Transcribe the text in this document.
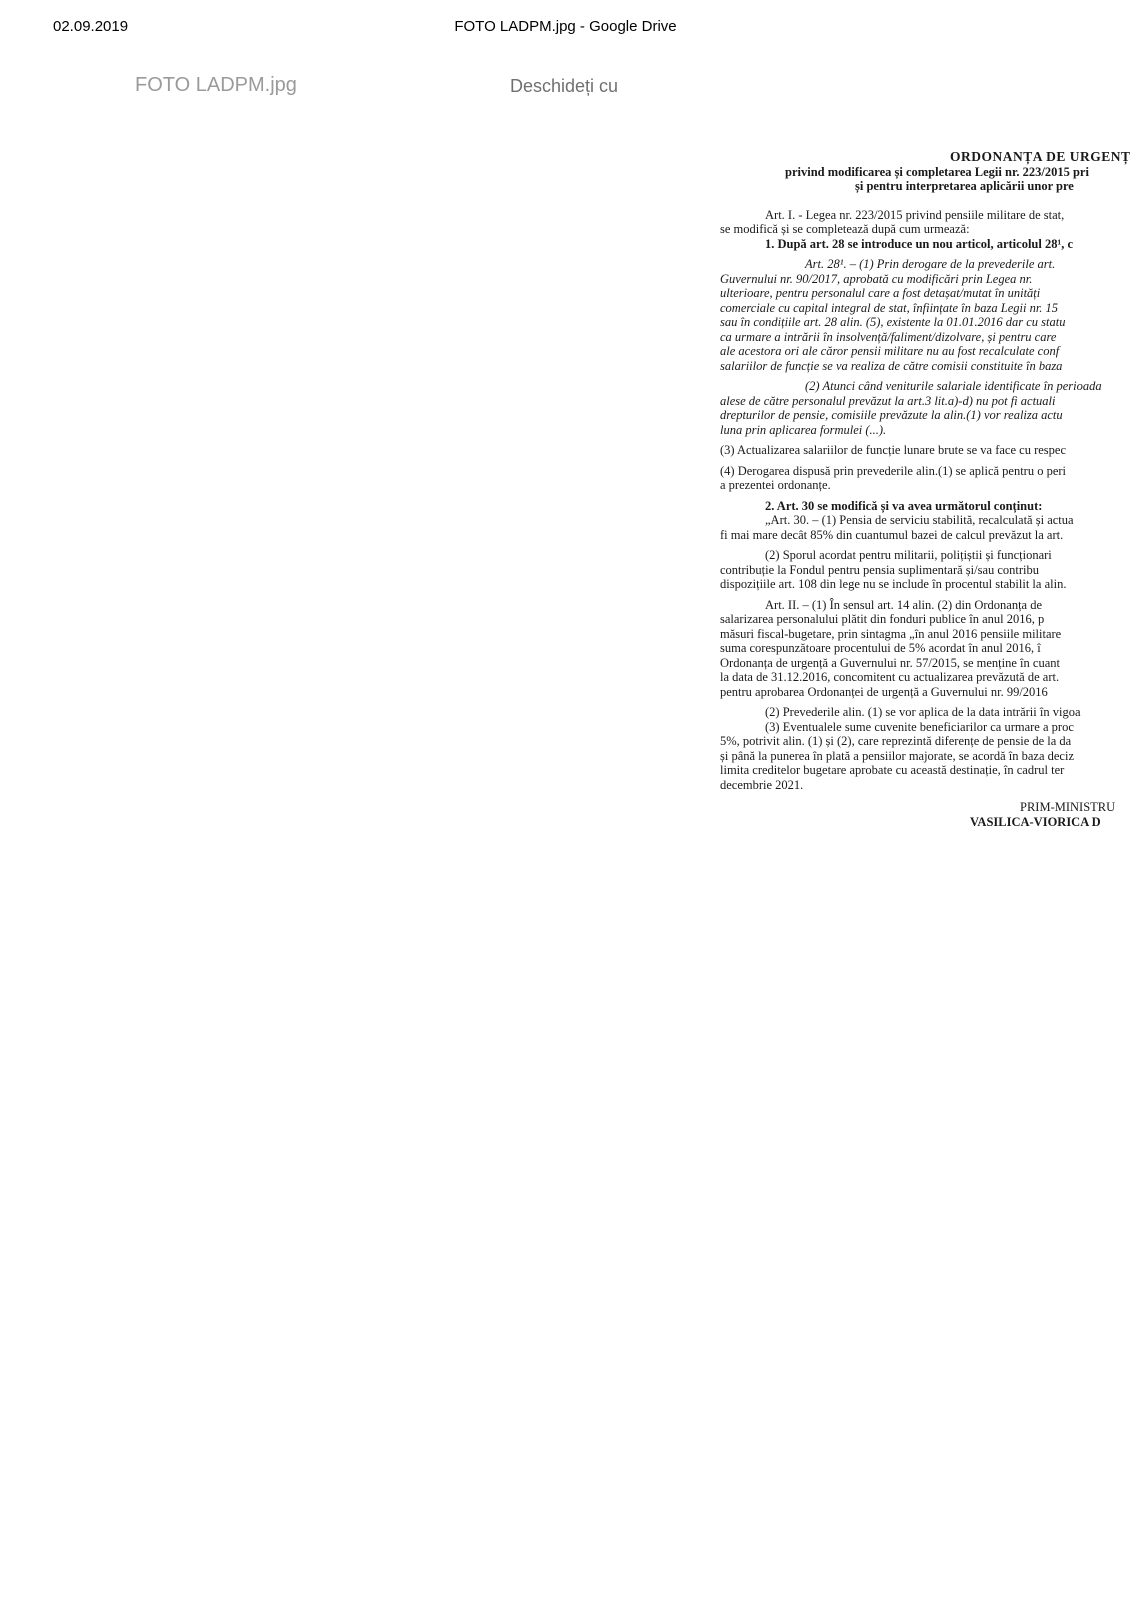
02.09.2019	FOTO LADPM.jpg - Google Drive
FOTO LADPM.jpg	Deschideți cu

ORDONANȚA DE URGENȚ

privind modificarea și completarea Legii nr. 223/2015 pri

și pentru interpretarea aplicării unor pre

Art. I. - Legea nr. 223/2015 privind pensiile militare de stat,

se modifică și se completează după cum urmează:

1. După art. 28 se introduce un nou articol, articolul 28¹, c

Art. 28¹. – (1) Prin derogare de la prevederile art.

Guvernului nr. 90/2017, aprobată cu modificări prin Legea nr.

ulterioare, pentru personalul care a fost detașat/mutat în unități

comerciale cu capital integral de stat, înființate în baza Legii nr. 15

sau în condițiile art. 28 alin. (5), existente la 01.01.2016 dar cu statu

ca urmare a intrării în insolvență/faliment/dizolvare, și pentru care

ale acestora ori ale căror pensii militare nu au fost recalculate conf

salariilor de funcție se va realiza de către comisii constituite în baza

(2) Atunci când veniturile salariale identificate în perioada

alese de către personalul prevăzut la art.3 lit.a)-d) nu pot fi actuali

drepturilor de pensie, comisiile prevăzute la alin.(1) vor realiza actu

luna prin aplicarea formulei (...).

(3) Actualizarea salariilor de funcție lunare brute se va face cu respec

(4) Derogarea dispusă prin prevederile alin.(1) se aplică pentru o peri

a prezentei ordonanțe.

2. Art. 30 se modifică și va avea următorul conținut:

„Art. 30. – (1) Pensia de serviciu stabilită, recalculată și actua

fi mai mare decât 85% din cuantumul bazei de calcul prevăzut la art.

(2) Sporul acordat pentru militarii, polițiștii și funcționari

contribuție la Fondul pentru pensia suplimentară și/sau contribu

dispozițiile art. 108 din lege nu se include în procentul stabilit la alin.

Art. II. – (1) În sensul art. 14 alin. (2) din Ordonanța de

salarizarea personalului plătit din fonduri publice în anul 2016, p

măsuri fiscal-bugetare, prin sintagma „în anul 2016 pensiile militare

suma corespunzătoare procentului de 5% acordat în anul 2016, î

Ordonanța de urgență a Guvernului nr. 57/2015, se menține în cuant

la data de 31.12.2016, concomitent cu actualizarea prevăzută de art.

pentru aprobarea Ordonanței de urgență a Guvernului nr. 99/2016

(2) Prevederile alin. (1) se vor aplica de la data intrării în vigoa

(3) Eventualele sume cuvenite beneficiarilor ca urmare a proc

5%, potrivit alin. (1) și (2), care reprezintă diferențe de pensie de la da

și până la punerea în plată a pensiilor majorate, se acordă în baza deciz

limita creditelor bugetare aprobate cu această destinație, în cadrul ter

decembrie 2021.

PRIM-MINISTRU

VASILICA-VIORICA D
